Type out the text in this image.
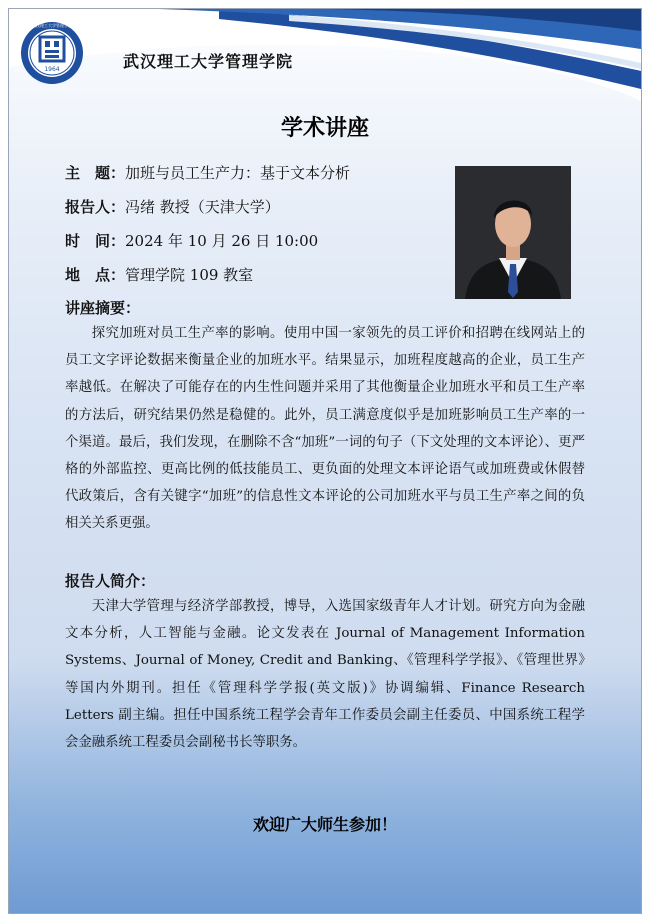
1964
武汉理工大学管理学院
武汉理工大学管理学院
学术讲座
主　题：加班与员工生产力：基于文本分析
报告人：冯绪 教授（天津大学）
时　间：2024 年 10 月 26 日 10:00
地　点：管理学院 109 教室
讲座摘要：
探究加班对员工生产率的影响。使用中国一家领先的员工评价和招聘在线网站上的员工文字评论数据来衡量企业的加班水平。结果显示，加班程度越高的企业，员工生产率越低。在解决了可能存在的内生性问题并采用了其他衡量企业加班水平和员工生产率的方法后，研究结果仍然是稳健的。此外，员工满意度似乎是加班影响员工生产率的一个渠道。最后，我们发现，在删除不含“加班”一词的句子（下文处理的文本评论）、更严格的外部监控、更高比例的低技能员工、更负面的处理文本评论语气或加班费或休假替代政策后，含有关键字“加班”的信息性文本评论的公司加班水平与员工生产率之间的负相关关系更强。
报告人简介：
天津大学管理与经济学部教授，博导，入选国家级青年人才计划。研究方向为金融文本分析，人工智能与金融。论文发表在 Journal of Management Information Systems、Journal of Money, Credit and Banking、《管理科学学报》、《管理世界》等国内外期刊。担任《管理科学学报(英文版)》协调编辑、Finance Research Letters 副主编。担任中国系统工程学会青年工作委员会副主任委员、中国系统工程学会金融系统工程委员会副秘书长等职务。
欢迎广大师生参加！
